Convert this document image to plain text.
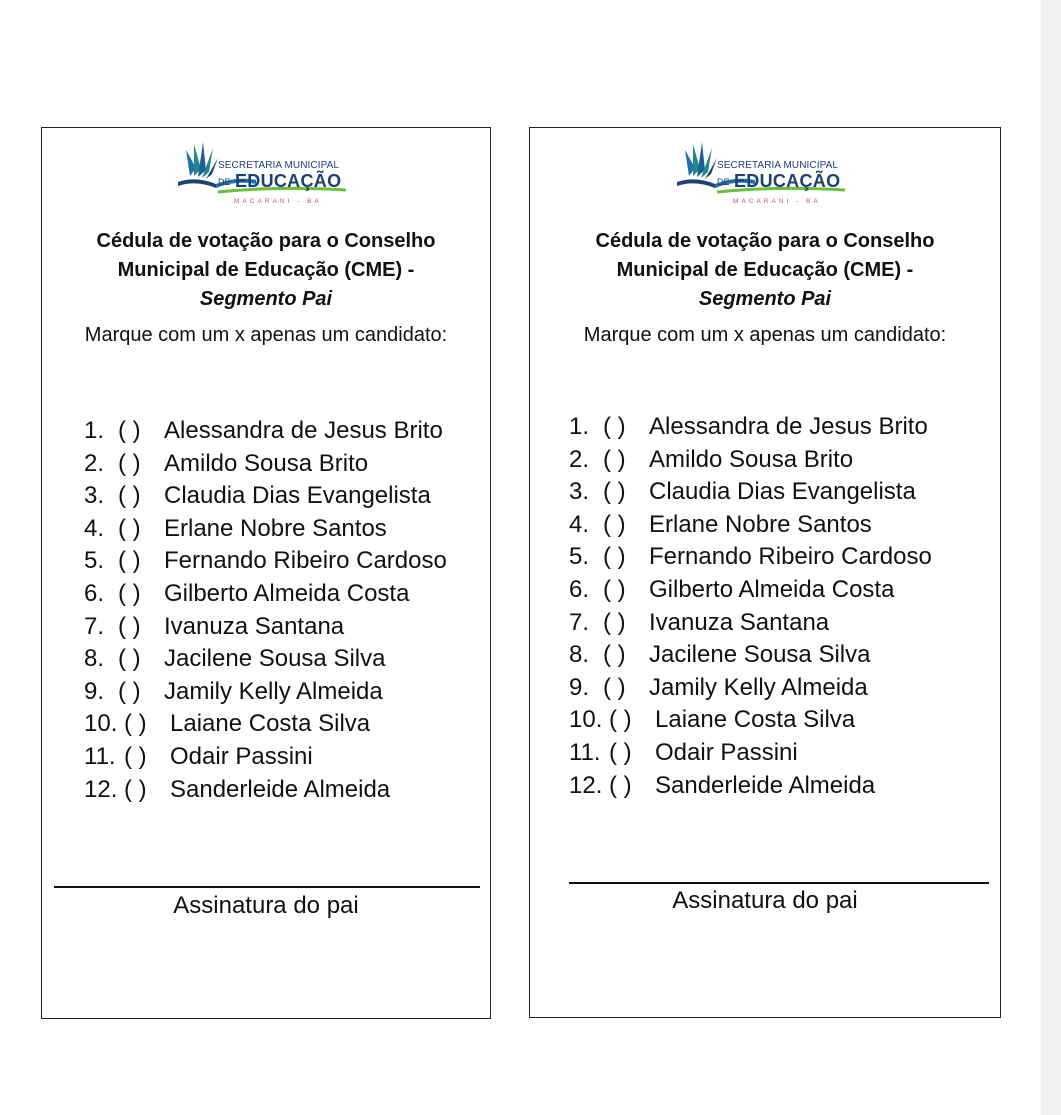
SECRETARIA MUNICIPAL
DE EDUCAÇÃO
MACARANI - BA
Cédula de votação para o Conselho
Municipal de Educação (CME) -
Segmento Pai
Marque com um x apenas um candidato:
1. ( ) Alessandra de Jesus Brito
2. ( ) Amildo Sousa Brito
3. ( ) Claudia Dias Evangelista
4. ( ) Erlane Nobre Santos
5. ( ) Fernando Ribeiro Cardoso
6. ( ) Gilberto Almeida Costa
7. ( ) Ivanuza Santana
8. ( ) Jacilene Sousa Silva
9. ( ) Jamily Kelly Almeida
10. ( ) Laiane Costa Silva
11. ( ) Odair Passini
12. ( ) Sanderleide Almeida
Assinatura do pai
SECRETARIA MUNICIPAL
DE EDUCAÇÃO
MACARANI - BA
Cédula de votação para o Conselho
Municipal de Educação (CME) -
Segmento Pai
Marque com um x apenas um candidato:
1. ( ) Alessandra de Jesus Brito
2. ( ) Amildo Sousa Brito
3. ( ) Claudia Dias Evangelista
4. ( ) Erlane Nobre Santos
5. ( ) Fernando Ribeiro Cardoso
6. ( ) Gilberto Almeida Costa
7. ( ) Ivanuza Santana
8. ( ) Jacilene Sousa Silva
9. ( ) Jamily Kelly Almeida
10. ( ) Laiane Costa Silva
11. ( ) Odair Passini
12. ( ) Sanderleide Almeida
Assinatura do pai
